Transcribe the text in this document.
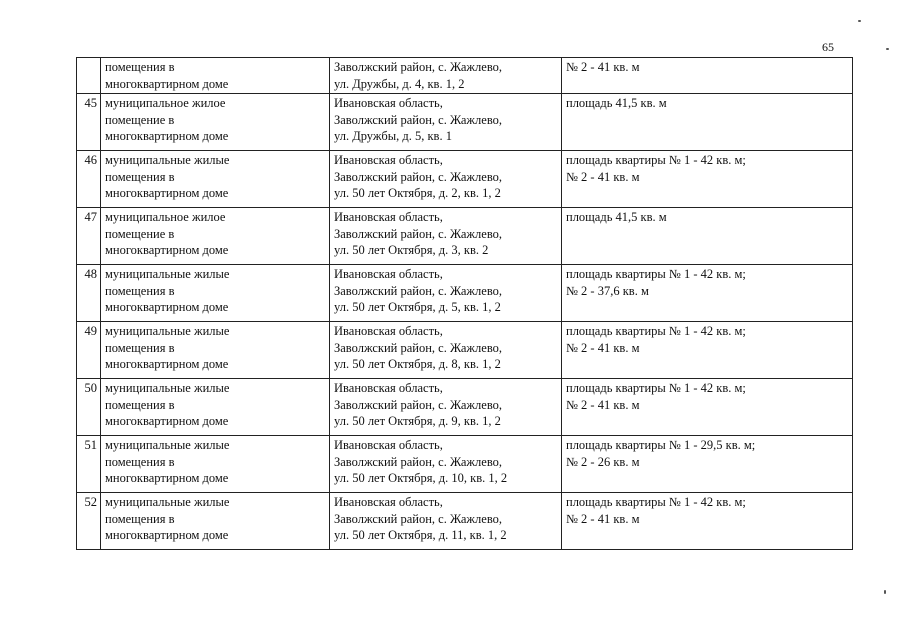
65
	помещения в
многоквартирном доме	Заволжский район, с. Жажлево,
ул. Дружбы, д. 4, кв. 1, 2	№ 2 - 41 кв. м
45	муниципальное жилое
помещение в
многоквартирном доме	Ивановская область,
Заволжский район, с. Жажлево,
ул. Дружбы, д. 5, кв. 1	площадь 41,5 кв. м
46	муниципальные жилые
помещения в
многоквартирном доме	Ивановская область,
Заволжский район, с. Жажлево,
ул. 50 лет Октября, д. 2, кв. 1, 2	площадь квартиры № 1 - 42 кв. м;
№ 2 - 41 кв. м
47	муниципальное жилое
помещение в
многоквартирном доме	Ивановская область,
Заволжский район, с. Жажлево,
ул. 50 лет Октября, д. 3, кв. 2	площадь 41,5 кв. м
48	муниципальные жилые
помещения в
многоквартирном доме	Ивановская область,
Заволжский район, с. Жажлево,
ул. 50 лет Октября, д. 5, кв. 1, 2	площадь квартиры № 1 - 42 кв. м;
№ 2 - 37,6 кв. м
49	муниципальные жилые
помещения в
многоквартирном доме	Ивановская область,
Заволжский район, с. Жажлево,
ул. 50 лет Октября, д. 8, кв. 1, 2	площадь квартиры № 1 - 42 кв. м;
№ 2 - 41 кв. м
50	муниципальные жилые
помещения в
многоквартирном доме	Ивановская область,
Заволжский район, с. Жажлево,
ул. 50 лет Октября, д. 9, кв. 1, 2	площадь квартиры № 1 - 42 кв. м;
№ 2 - 41 кв. м
51	муниципальные жилые
помещения в
многоквартирном доме	Ивановская область,
Заволжский район, с. Жажлево,
ул. 50 лет Октября, д. 10, кв. 1, 2	площадь квартиры № 1 - 29,5 кв. м;
№ 2 - 26 кв. м
52	муниципальные жилые
помещения в
многоквартирном доме	Ивановская область,
Заволжский район, с. Жажлево,
ул. 50 лет Октября, д. 11, кв. 1, 2	площадь квартиры № 1 - 42 кв. м;
№ 2 - 41 кв. м
